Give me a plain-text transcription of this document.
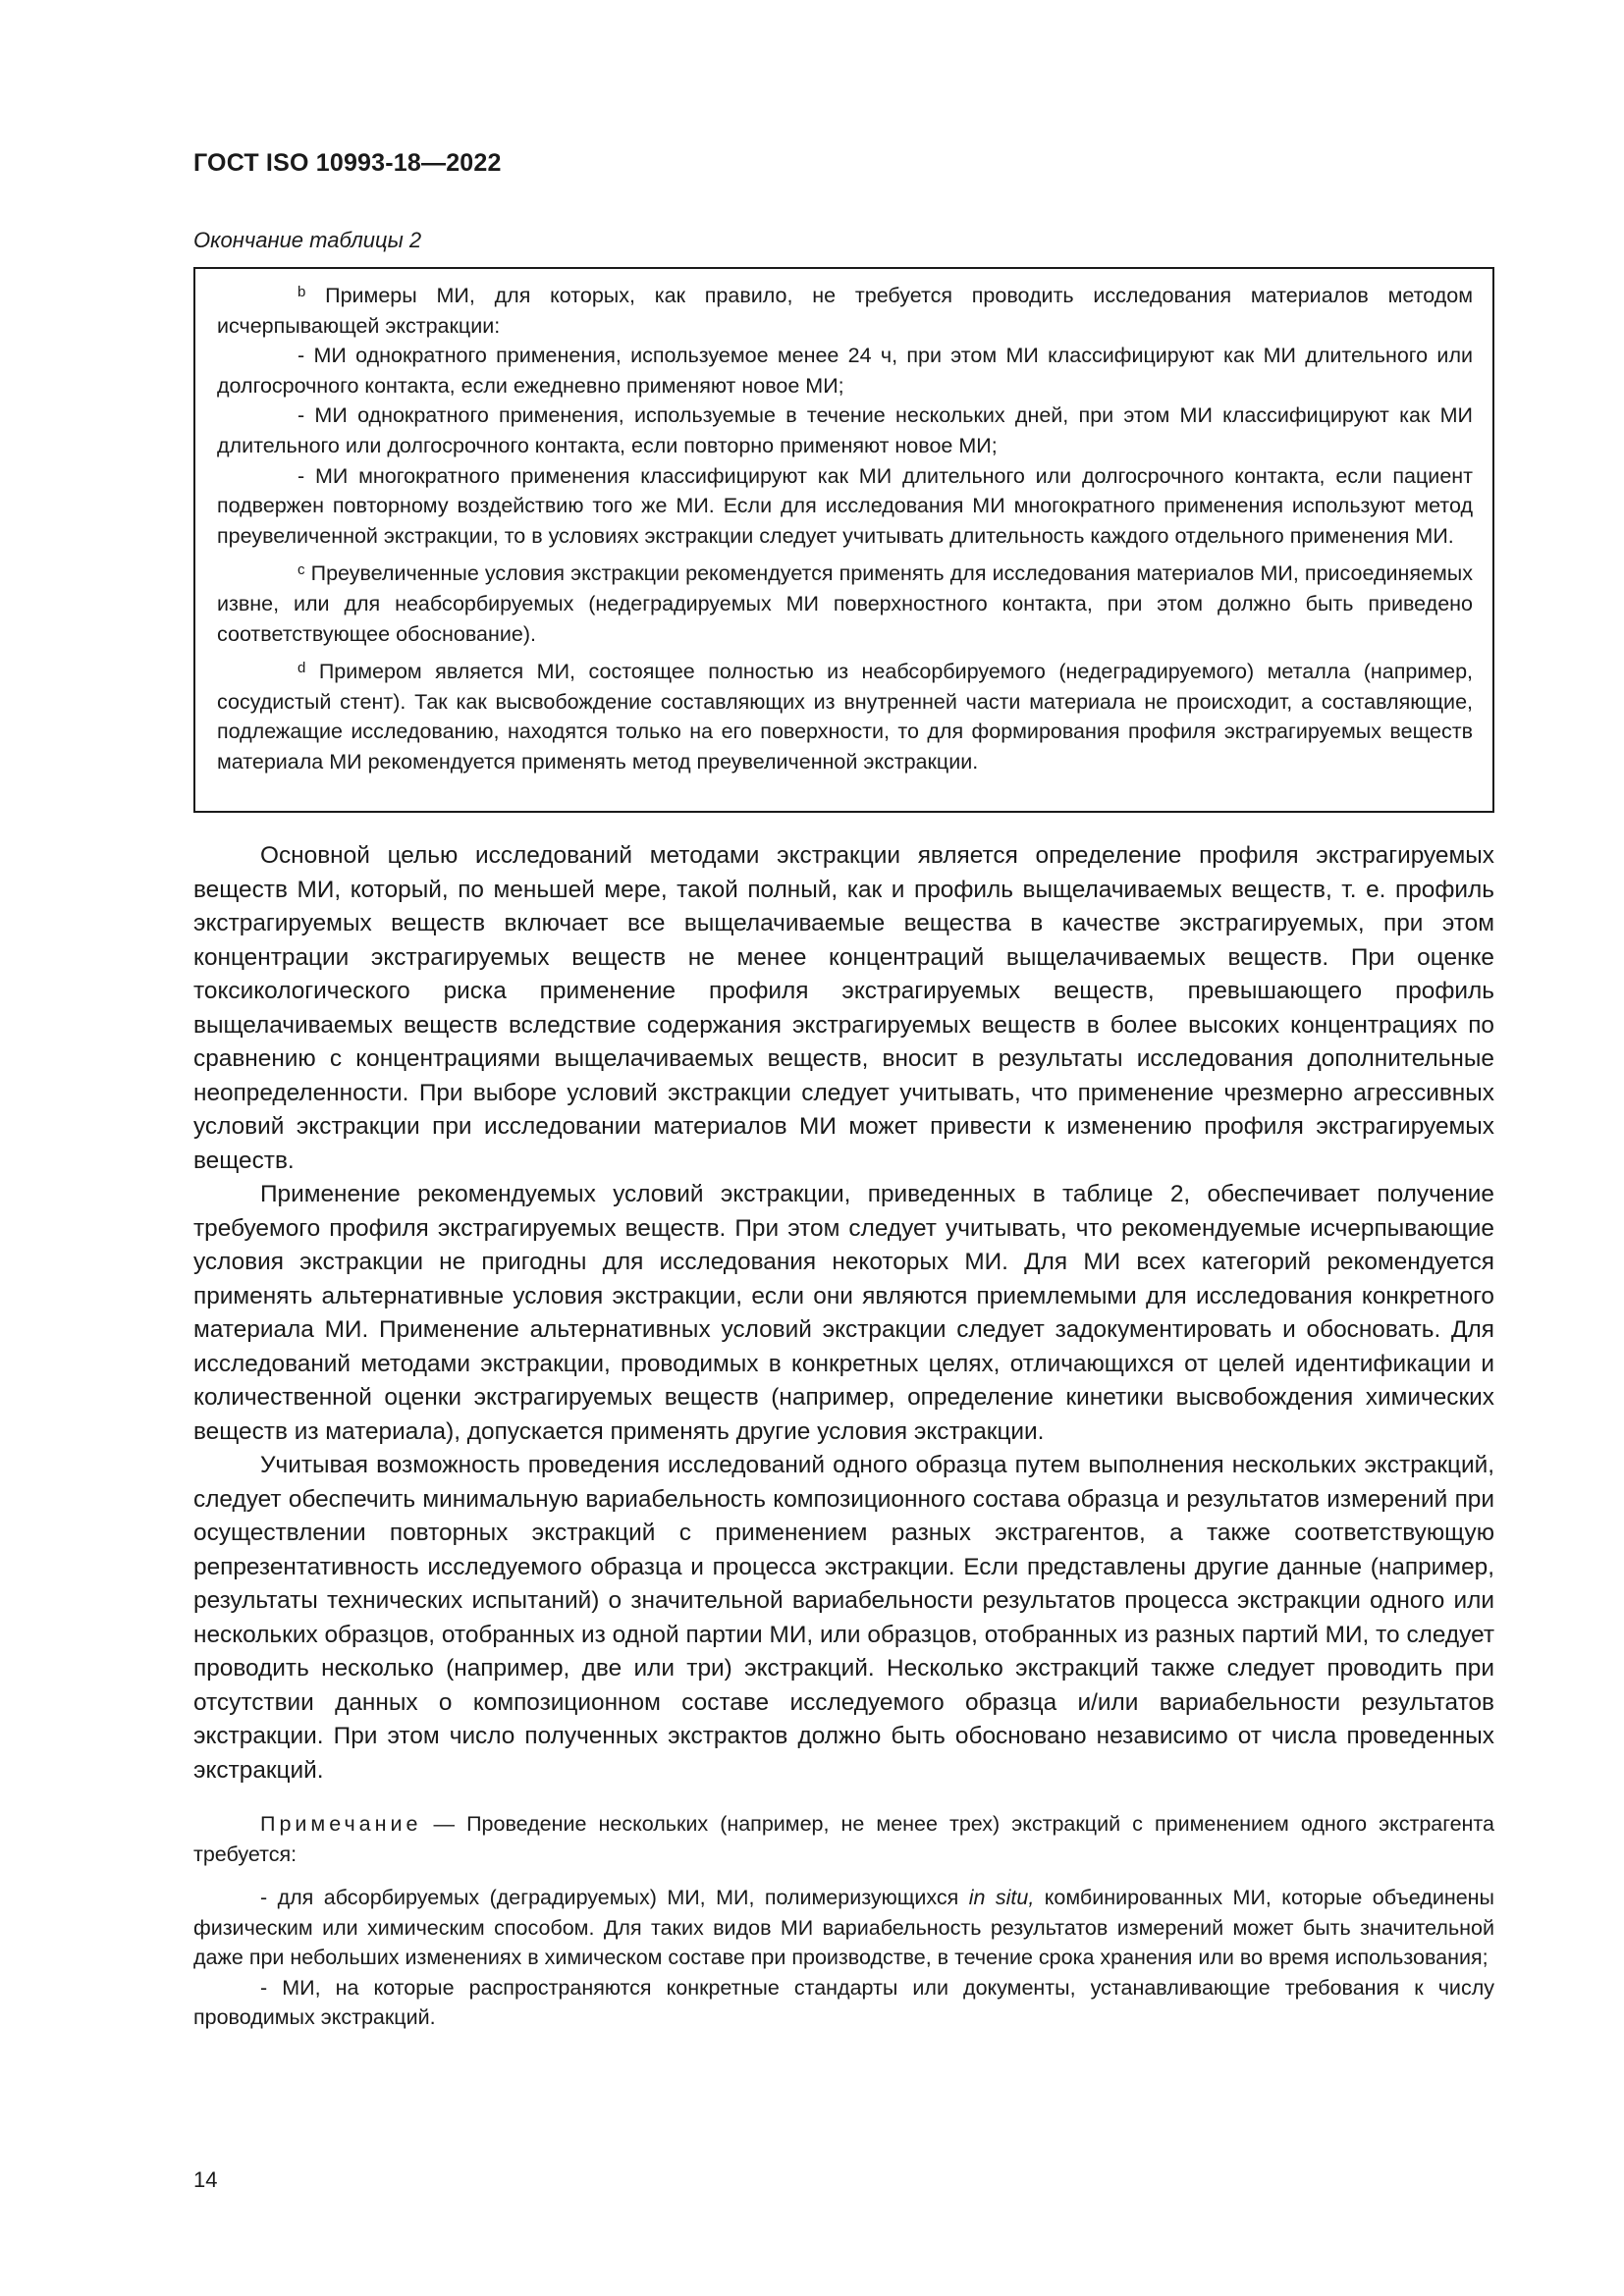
ГОСТ ISO 10993-18—2022
Окончание таблицы 2

$^b$ Примеры МИ, для которых, как правило, не требуется проводить исследования материалов методом исчерпывающей экстракции:

- МИ однократного применения, используемое менее 24 ч, при этом МИ классифицируют как МИ длительного или долгосрочного контакта, если ежедневно применяют новое МИ;

- МИ однократного применения, используемые в течение нескольких дней, при этом МИ классифицируют как МИ длительного или долгосрочного контакта, если повторно применяют новое МИ;

- МИ многократного применения классифицируют как МИ длительного или долгосрочного контакта, если пациент подвержен повторному воздействию того же МИ. Если для исследования МИ многократного применения используют метод преувеличенной экстракции, то в условиях экстракции следует учитывать длительность каждого отдельного применения МИ.

$^c$ Преувеличенные условия экстракции рекомендуется применять для исследования материалов МИ, присоединяемых извне, или для неабсорбируемых (недеградируемых МИ поверхностного контакта, при этом должно быть приведено соответствующее обоснование).

$^d$ Примером является МИ, состоящее полностью из неабсорбируемого (недеградируемого) металла (например, сосудистый стент). Так как высвобождение составляющих из внутренней части материала не происходит, а составляющие, подлежащие исследованию, находятся только на его поверхности, то для формирования профиля экстрагируемых веществ материала МИ рекомендуется применять метод преувеличенной экстракции.

Основной целью исследований методами экстракции является определение профиля экстрагируемых веществ МИ, который, по меньшей мере, такой полный, как и профиль выщелачиваемых веществ, т. е. профиль экстрагируемых веществ включает все выщелачиваемые вещества в качестве экстрагируемых, при этом концентрации экстрагируемых веществ не менее концентраций выщелачиваемых веществ. При оценке токсикологического риска применение профиля экстрагируемых веществ, превышающего профиль выщелачиваемых веществ вследствие содержания экстрагируемых веществ в более высоких концентрациях по сравнению с концентрациями выщелачиваемых веществ, вносит в результаты исследования дополнительные неопределенности. При выборе условий экстракции следует учитывать, что применение чрезмерно агрессивных условий экстракции при исследовании материалов МИ может привести к изменению профиля экстрагируемых веществ.

Применение рекомендуемых условий экстракции, приведенных в таблице 2, обеспечивает получение требуемого профиля экстрагируемых веществ. При этом следует учитывать, что рекомендуемые исчерпывающие условия экстракции не пригодны для исследования некоторых МИ. Для МИ всех категорий рекомендуется применять альтернативные условия экстракции, если они являются приемлемыми для исследования конкретного материала МИ. Применение альтернативных условий экстракции следует задокументировать и обосновать. Для исследований методами экстракции, проводимых в конкретных целях, отличающихся от целей идентификации и количественной оценки экстрагируемых веществ (например, определение кинетики высвобождения химических веществ из материала), допускается применять другие условия экстракции.

Учитывая возможность проведения исследований одного образца путем выполнения нескольких экстракций, следует обеспечить минимальную вариабельность композиционного состава образца и результатов измерений при осуществлении повторных экстракций с применением разных экстрагентов, а также соответствующую репрезентативность исследуемого образца и процесса экстракции. Если представлены другие данные (например, результаты технических испытаний) о значительной вариабельности результатов процесса экстракции одного или нескольких образцов, отобранных из одной партии МИ, или образцов, отобранных из разных партий МИ, то следует проводить несколько (например, две или три) экстракций. Несколько экстракций также следует проводить при отсутствии данных о композиционном составе исследуемого образца и/или вариабельности результатов экстракции. При этом число полученных экстрактов должно быть обосновано независимо от числа проведенных экстракций.

Примечание — Проведение нескольких (например, не менее трех) экстракций с применением одного экстрагента требуется:

- для абсорбируемых (деградируемых) МИ, МИ, полимеризующихся in situ, комбинированных МИ, которые объединены физическим или химическим способом. Для таких видов МИ вариабельность результатов измерений может быть значительной даже при небольших изменениях в химическом составе при производстве, в течение срока хранения или во время использования;

- МИ, на которые распространяются конкретные стандарты или документы, устанавливающие требования к числу проводимых экстракций.

14
